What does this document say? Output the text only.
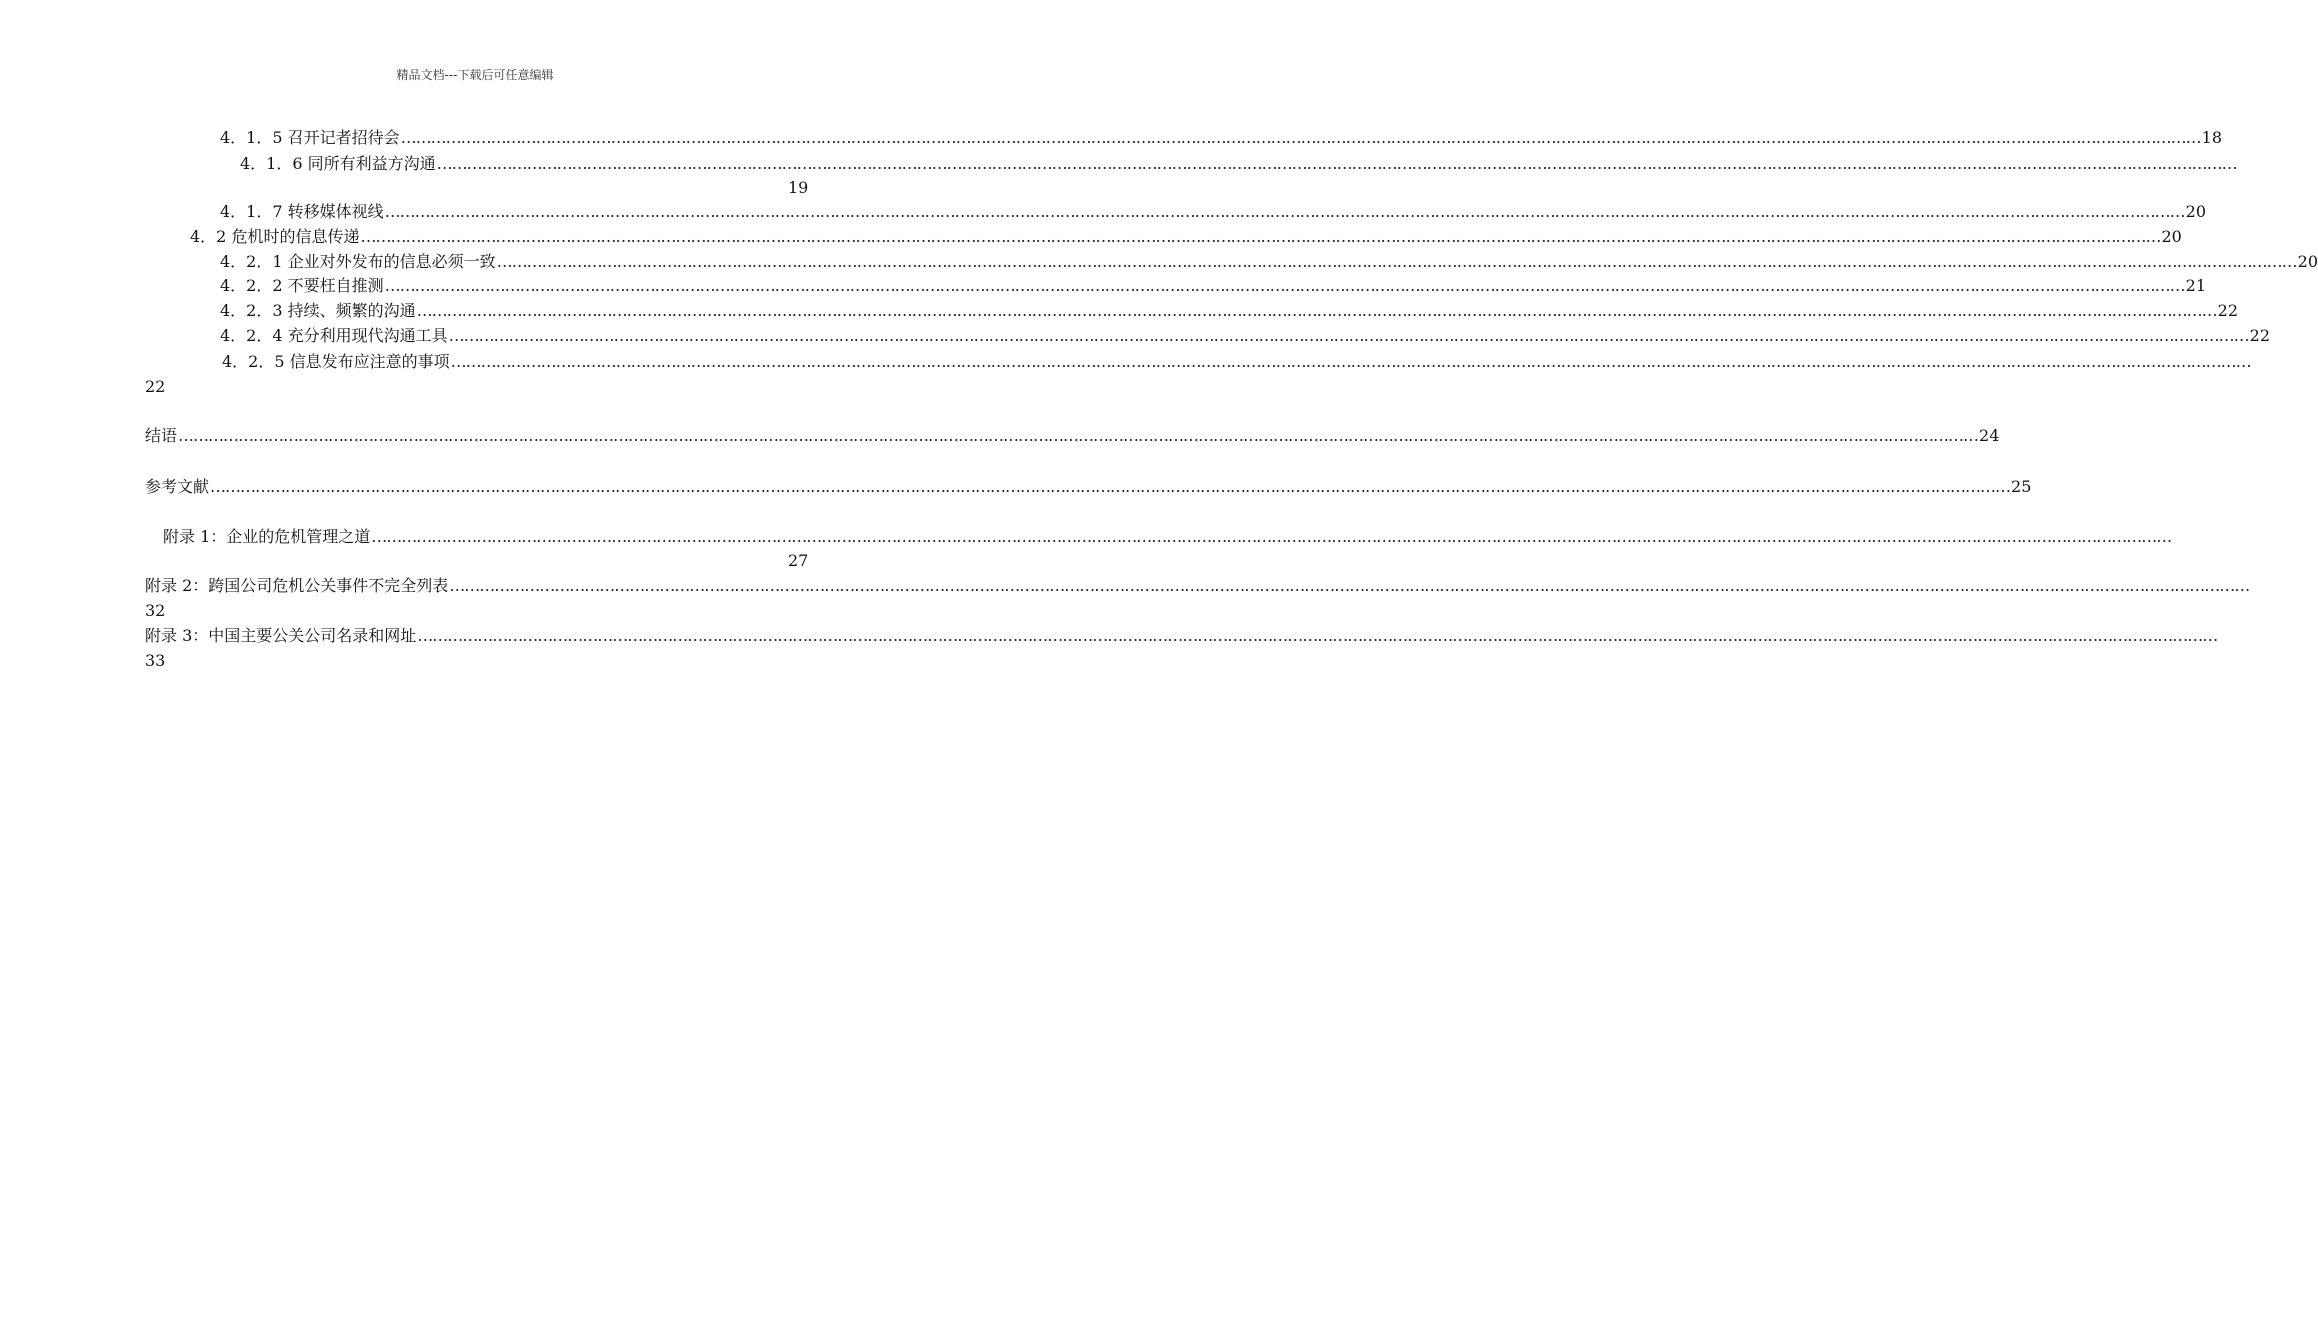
精品文档---下载后可任意编辑
4．1．5 召开记者招待会 ……………………………………………………………………………………………………………………………………………………………………………………………………………………………………………………………………………………………………………………………… 18
4．1．6 同所有利益方沟通 ………………………………………………………………………………………………………………………………………………………………………………………………………………………………………………………………………………………………………………………………
19
4．1．7 转移媒体视线 ……………………………………………………………………………………………………………………………………………………………………………………………………………………………………………………………………………………………………………………………… 20
4．2 危机时的信息传递 ……………………………………………………………………………………………………………………………………………………………………………………………………………………………………………………………………………………………………………………………… 20
4．2．1 企业对外发布的信息必须一致 ……………………………………………………………………………………………………………………………………………………………………………………………………………………………………………………………………………………………………………………………… 20
4．2．2 不要枉自推测 ……………………………………………………………………………………………………………………………………………………………………………………………………………………………………………………………………………………………………………………………… 21
4．2．3 持续、频繁的沟通 ……………………………………………………………………………………………………………………………………………………………………………………………………………………………………………………………………………………………………………………………… 22
4．2．4 充分利用现代沟通工具 ……………………………………………………………………………………………………………………………………………………………………………………………………………………………………………………………………………………………………………………………… 22
4．2．5 信息发布应注意的事项 ………………………………………………………………………………………………………………………………………………………………………………………………………………………………………………………………………………………………………………………………
22
结语 ……………………………………………………………………………………………………………………………………………………………………………………………………………………………………………………………………………………………………………………………… 24
参考文献 ……………………………………………………………………………………………………………………………………………………………………………………………………………………………………………………………………………………………………………………………… 25
附录 1：企业的危机管理之道 ………………………………………………………………………………………………………………………………………………………………………………………………………………………………………………………………………………………………………………………………
27
附录 2：跨国公司危机公关事件不完全列表 ………………………………………………………………………………………………………………………………………………………………………………………………………………………………………………………………………………………………………………………………
32
附录 3：中国主要公关公司名录和网址 ………………………………………………………………………………………………………………………………………………………………………………………………………………………………………………………………………………………………………………………………
33
